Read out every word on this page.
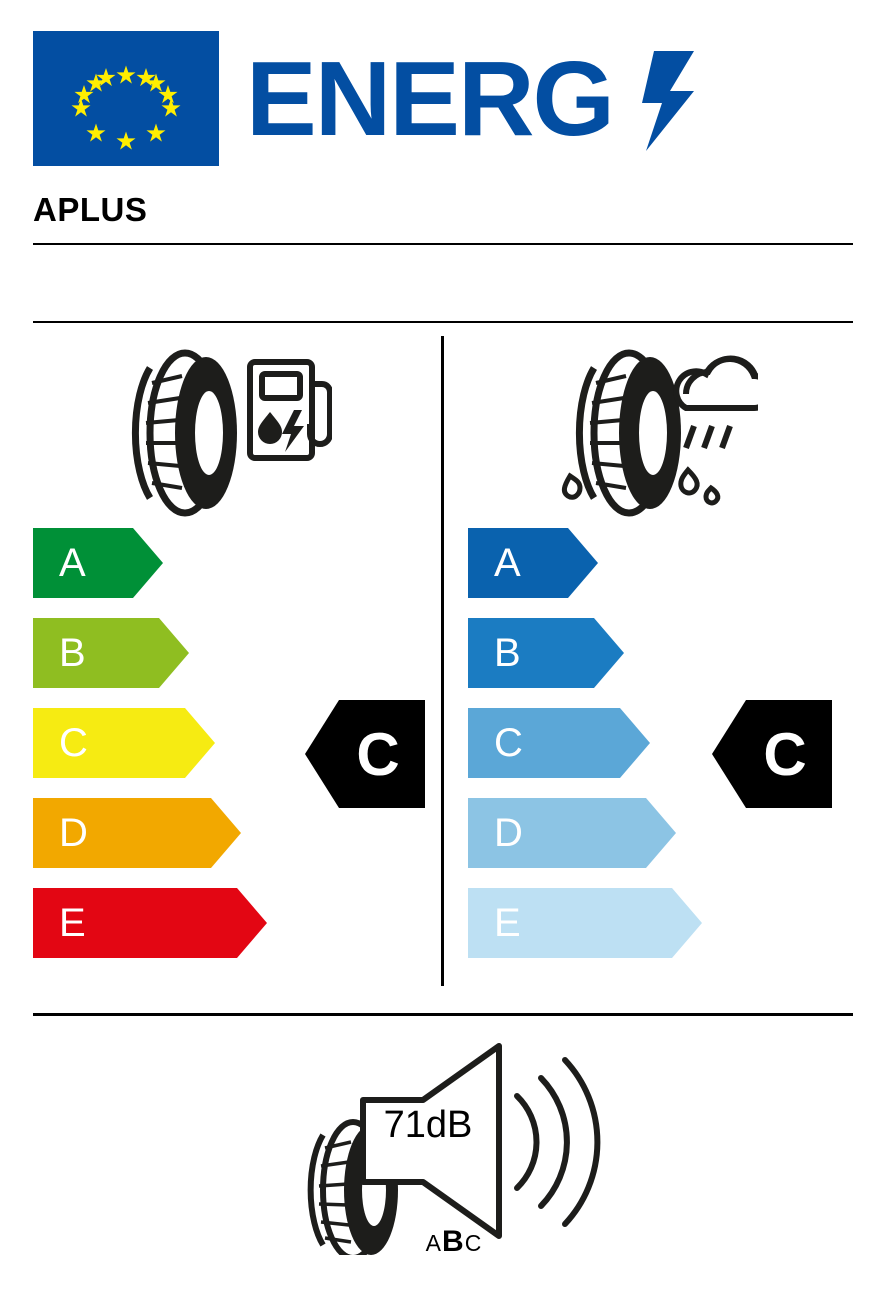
ENERG
APLUS
A
B
C
D
E
A
B
C
D
E
C	C
71dB
ABC
